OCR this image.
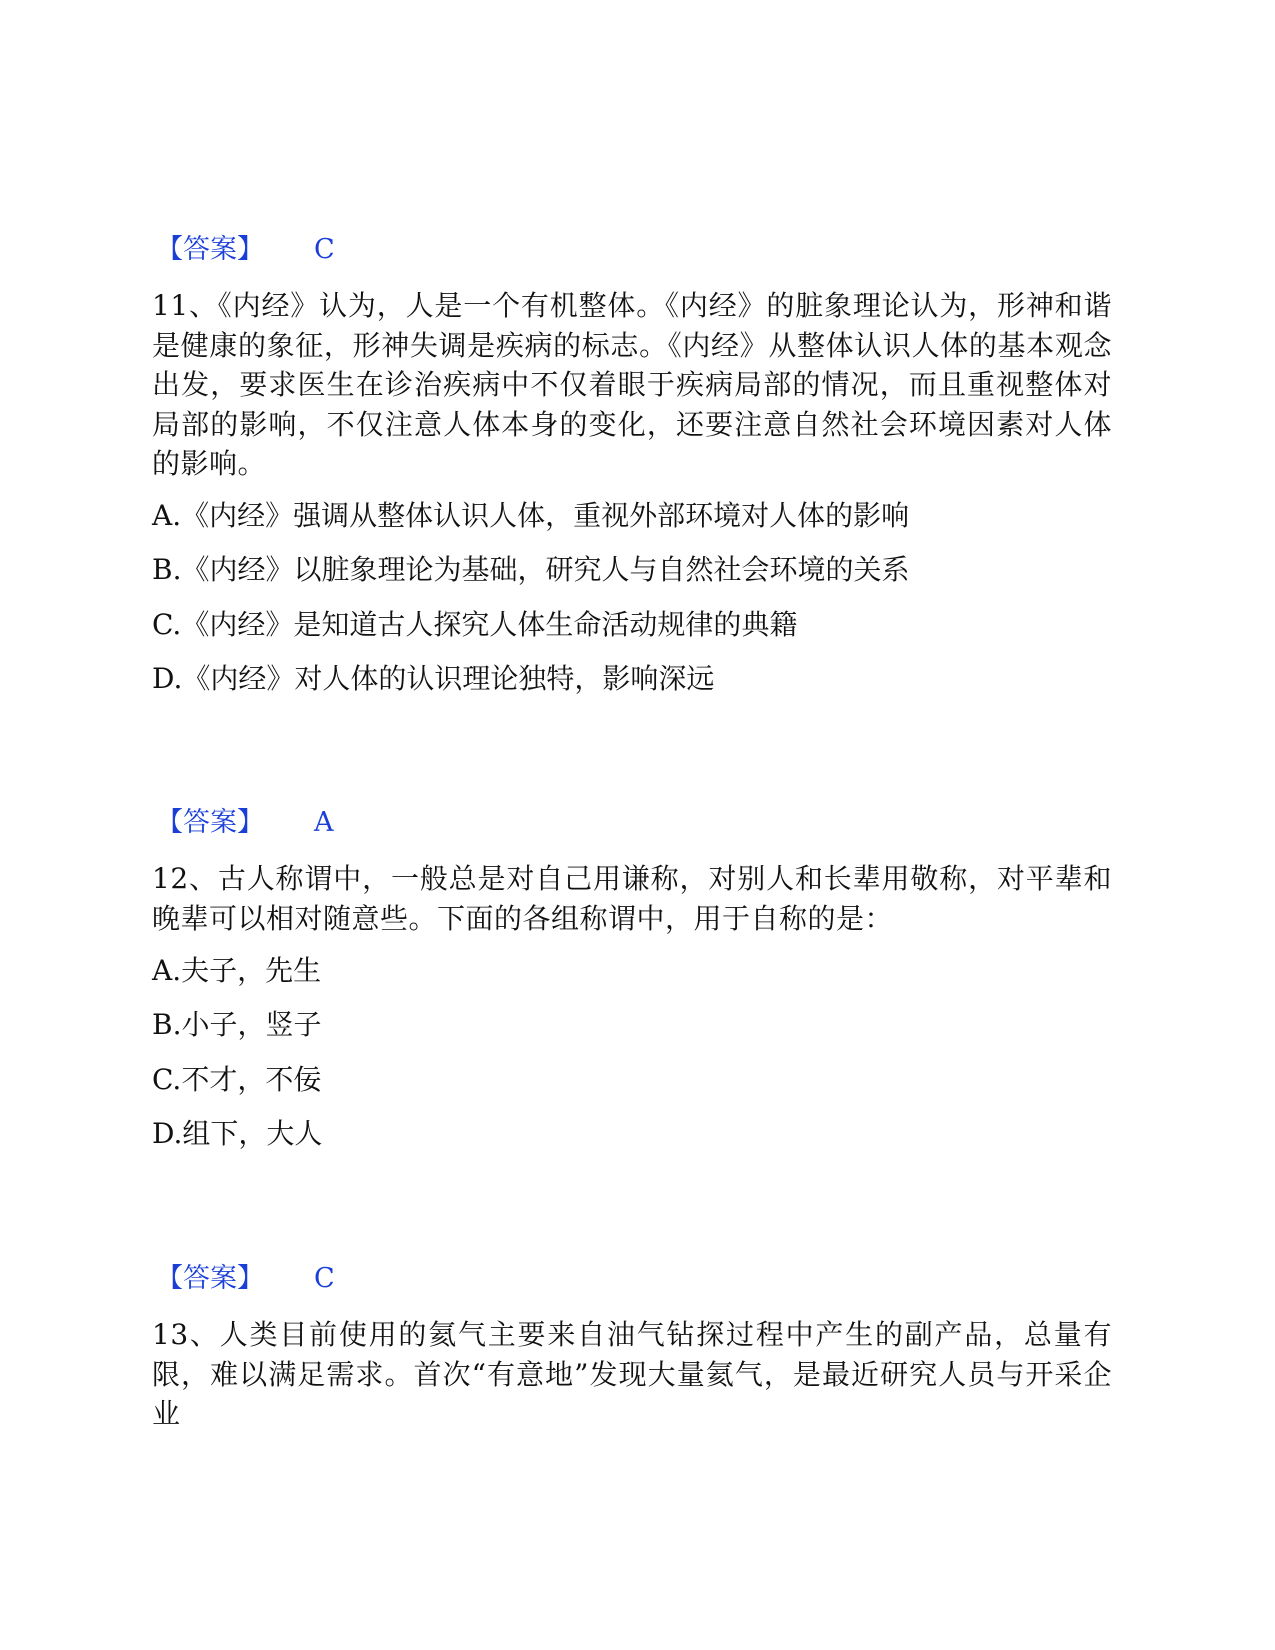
【答案】 C
11、《内经》认为，人是一个有机整体。《内经》的脏象理论认为，形神和谐是健康的象征，形神失调是疾病的标志。《内经》从整体认识人体的基本观念出发，要求医生在诊治疾病中不仅着眼于疾病局部的情况，而且重视整体对局部的影响，不仅注意人体本身的变化，还要注意自然社会环境因素对人体的影响。
A.《内经》强调从整体认识人体，重视外部环境对人体的影响
B.《内经》以脏象理论为基础，研究人与自然社会环境的关系
C.《内经》是知道古人探究人体生命活动规律的典籍
D.《内经》对人体的认识理论独特，影响深远
【答案】 A
12、古人称谓中，一般总是对自己用谦称，对别人和长辈用敬称，对平辈和晚辈可以相对随意些。下面的各组称谓中，用于自称的是：
A.夫子，先生
B.小子，竖子
C.不才，不佞
D.组下，大人
【答案】 C
13、人类目前使用的氦气主要来自油气钻探过程中产生的副产品，总量有限，难以满足需求。首次“有意地”发现大量氦气，是最近研究人员与开采企业
